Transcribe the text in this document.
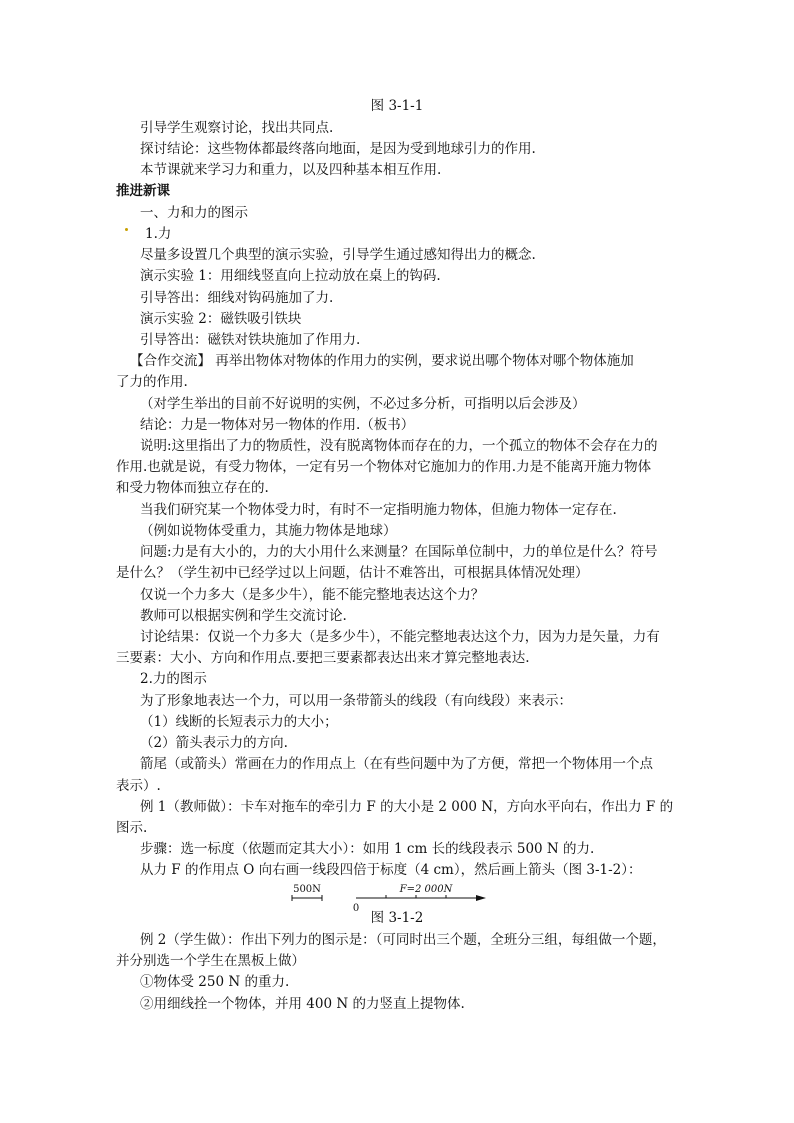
图 3-1-1
引导学生观察讨论，找出共同点.
探讨结论：这些物体都最终落向地面，是因为受到地球引力的作用.
本节课就来学习力和重力，以及四种基本相互作用.
推进新课
一、力和力的图示
1.力
尽量多设置几个典型的演示实验，引导学生通过感知得出力的概念.
演示实验 1：用细线竖直向上拉动放在桌上的钩码.
引导答出：细线对钩码施加了力.
演示实验 2：磁铁吸引铁块
引导答出：磁铁对铁块施加了作用力.
【合作交流】 再举出物体对物体的作用力的实例，要求说出哪个物体对哪个物体施加
了力的作用.
（对学生举出的目前不好说明的实例，不必过多分析，可指明以后会涉及）
结论：力是一物体对另一物体的作用.（板书）
说明:这里指出了力的物质性，没有脱离物体而存在的力，一个孤立的物体不会存在力的
作用.也就是说，有受力物体，一定有另一个物体对它施加力的作用.力是不能离开施力物体
和受力物体而独立存在的.
当我们研究某一个物体受力时，有时不一定指明施力物体，但施力物体一定存在.
（例如说物体受重力，其施力物体是地球）
问题:力是有大小的，力的大小用什么来测量？在国际单位制中，力的单位是什么？符号
是什么？（学生初中已经学过以上问题，估计不难答出，可根据具体情况处理）
仅说一个力多大（是多少牛），能不能完整地表达这个力？
教师可以根据实例和学生交流讨论.
讨论结果：仅说一个力多大（是多少牛），不能完整地表达这个力，因为力是矢量，力有
三要素：大小、方向和作用点.要把三要素都表达出来才算完整地表达.
2.力的图示
为了形象地表达一个力，可以用一条带箭头的线段（有向线段）来表示：
（1）线断的长短表示力的大小；
（2）箭头表示力的方向.
箭尾（或箭头）常画在力的作用点上（在有些问题中为了方便，常把一个物体用一个点
表示）.
例 1（教师做）：卡车对拖车的牵引力 F 的大小是 2 000 N，方向水平向右，作出力 F 的
图示.
步骤：选一标度（依题而定其大小）：如用 1 cm 长的线段表示 500 N 的力.
从力 F 的作用点 O 向右画一线段四倍于标度（4 cm），然后画上箭头（图 3-1-2）：
500N	F=2 000N
0
图 3-1-2
例 2（学生做）：作出下列力的图示是：（可同时出三个题，全班分三组，每组做一个题，
并分别选一个学生在黑板上做）
①物体受 250 N 的重力.
②用细线拴一个物体，并用 400 N 的力竖直上提物体.
